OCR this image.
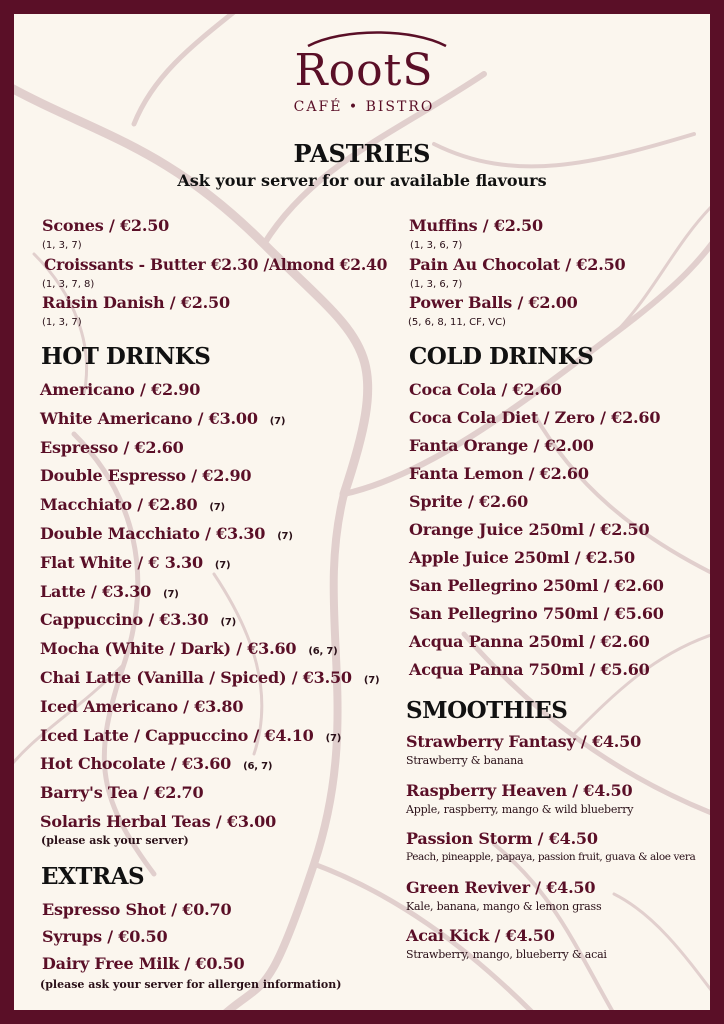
RootS
CAFÉ • BISTRO
PASTRIES
Ask your server for our available flavours
Scones / €2.50
(1, 3, 7)
Croissants - Butter €2.30 /Almond €2.40
(1, 3, 7, 8)
Raisin Danish / €2.50
(1, 3, 7)
Muffins / €2.50
(1, 3, 6, 7)
Pain Au Chocolat / €2.50
(1, 3, 6, 7)
Power Balls / €2.00
(5, 6, 8, 11, CF, VC)
HOT DRINKS
Americano / €2.90
White Americano / €3.00 (7)
Espresso / €2.60
Double Espresso / €2.90
Macchiato / €2.80 (7)
Double Macchiato / €3.30 (7)
Flat White / € 3.30 (7)
Latte / €3.30 (7)
Cappuccino / €3.30 (7)
Mocha (White / Dark) / €3.60 (6, 7)
Chai Latte (Vanilla / Spiced) / €3.50 (7)
Iced Americano / €3.80
Iced Latte / Cappuccino / €4.10 (7)
Hot Chocolate / €3.60 (6, 7)
Barry's Tea / €2.70
Solaris Herbal Teas / €3.00
(please ask your server)
EXTRAS
Espresso Shot / €0.70
Syrups / €0.50
Dairy Free Milk / €0.50
(please ask your server for allergen information)
COLD DRINKS
Coca Cola / €2.60
Coca Cola Diet / Zero / €2.60
Fanta Orange / €2.00
Fanta Lemon / €2.60
Sprite / €2.60
Orange Juice 250ml / €2.50
Apple Juice 250ml / €2.50
San Pellegrino 250ml / €2.60
San Pellegrino 750ml / €5.60
Acqua Panna 250ml / €2.60
Acqua Panna 750ml / €5.60
SMOOTHIES
Strawberry Fantasy / €4.50
Strawberry & banana
Raspberry Heaven / €4.50
Apple, raspberry, mango & wild blueberry
Passion Storm / €4.50
Peach, pineapple, papaya, passion fruit, guava & aloe vera
Green Reviver / €4.50
Kale, banana, mango & lemon grass
Acai Kick / €4.50
Strawberry, mango, blueberry & acai
